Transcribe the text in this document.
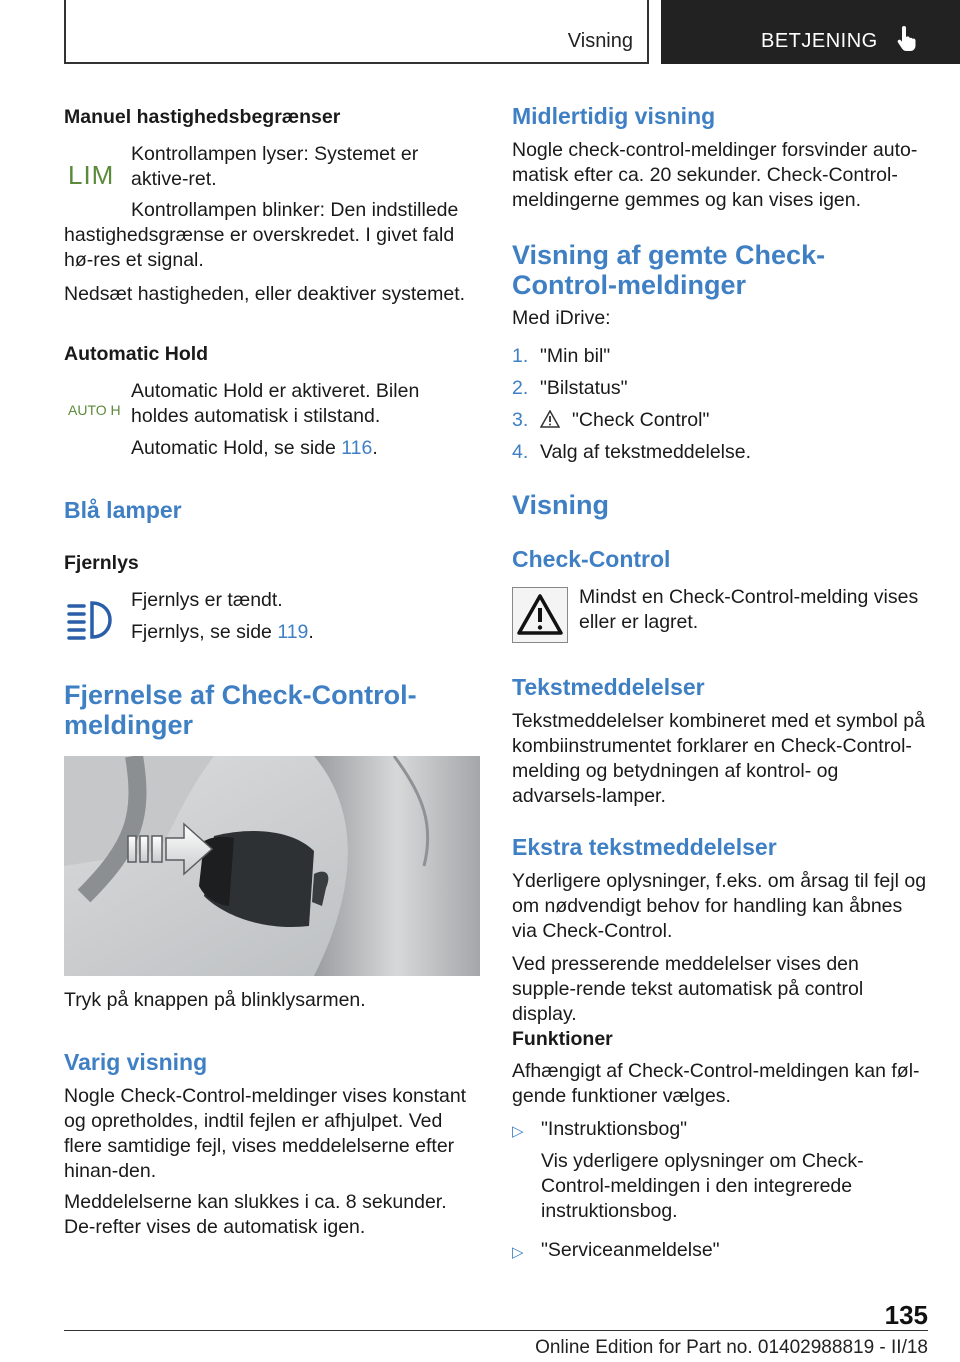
Visning	BETJENING

Manuel hastighedsbegrænser

LIM

Kontrollampen lyser: Systemet er aktive-ret.

Kontrollampen blinker: Den indstillede

hastighedsgrænse er overskredet. I givet fald hø-res et signal.

Nedsæt hastigheden, eller deaktiver systemet.

Automatic Hold

AUTO H

Automatic Hold er aktiveret. Bilen holdes automatisk i stilstand.

Automatic Hold, se side 116.

Blå lamper

Fjernlys

Fjernlys er tændt.

Fjernlys, se side 119.

Fjernelse af Check-Control-meldinger

Tryk på knappen på blinklysarmen.

Varig visning

Nogle Check-Control-meldinger vises konstant og opretholdes, indtil fejlen er afhjulpet. Ved flere samtidige fejl, vises meddelelserne efter hinan-den.

Meddelelserne kan slukkes i ca. 8 sekunder. De-refter vises de automatisk igen.

Midlertidig visning

Nogle check-control-meldinger forsvinder auto-matisk efter ca. 20 sekunder. Check-Control-meldingerne gemmes og kan vises igen.

Visning af gemte Check-Control-meldinger

Med iDrive:

1. "Min bil"
2. "Bilstatus"
3. "Check Control"
4. Valg af tekstmeddelelse.

Visning

Check-Control

Mindst en Check-Control-melding vises eller er lagret.

Tekstmeddelelser

Tekstmeddelelser kombineret med et symbol på kombiinstrumentet forklarer en Check-Control-melding og betydningen af kontrol- og advarsels-lamper.

Ekstra tekstmeddelelser

Yderligere oplysninger, f.eks. om årsag til fejl og om nødvendigt behov for handling kan åbnes via Check-Control.

Ved presserende meddelelser vises den supple-rende tekst automatisk på control display.

Funktioner

Afhængigt af Check-Control-meldingen kan føl-gende funktioner vælges.

▷ "Instruktionsbog"

Vis yderligere oplysninger om Check-Control-meldingen i den integrerede instruktionsbog.

▷ "Serviceanmeldelse"
135
Online Edition for Part no. 01402988819 - II/18
